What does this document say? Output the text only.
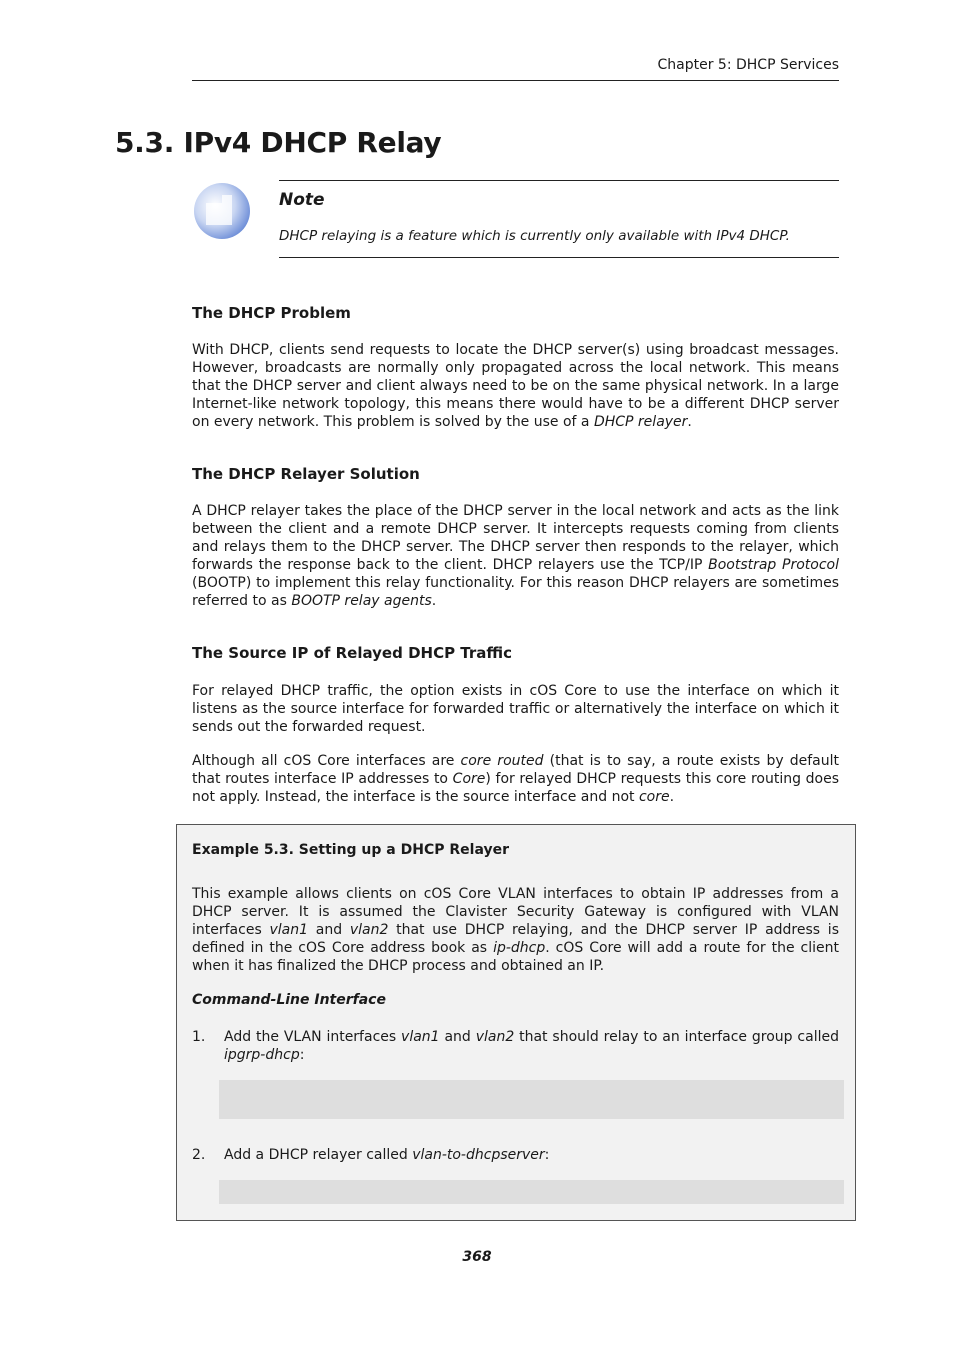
Chapter 5: DHCP Services
5.3. IPv4 DHCP Relay
Note
DHCP relaying is a feature which is currently only available with IPv4 DHCP.
The DHCP Problem

With DHCP, clients send requests to locate the DHCP server(s) using broadcast messages. However, broadcasts are normally only propagated across the local network. This means that the DHCP server and client always need to be on the same physical network. In a large Internet-like network topology, this means there would have to be a different DHCP server on every network. This problem is solved by the use of a DHCP relayer.

The DHCP Relayer Solution

A DHCP relayer takes the place of the DHCP server in the local network and acts as the link between the client and a remote DHCP server. It intercepts requests coming from clients and relays them to the DHCP server. The DHCP server then responds to the relayer, which forwards the response back to the client. DHCP relayers use the TCP/IP Bootstrap Protocol (BOOTP) to implement this relay functionality. For this reason DHCP relayers are sometimes referred to as BOOTP relay agents.

The Source IP of Relayed DHCP Traffic

For relayed DHCP traffic, the option exists in cOS Core to use the interface on which it listens as the source interface for forwarded traffic or alternatively the interface on which it sends out the forwarded request.

Although all cOS Core interfaces are core routed (that is to say, a route exists by default that routes interface IP addresses to Core) for relayed DHCP requests this core routing does not apply. Instead, the interface is the source interface and not core.

Example 5.3. Setting up a DHCP Relayer

This example allows clients on cOS Core VLAN interfaces to obtain IP addresses from a DHCP server. It is assumed the Clavister Security Gateway is configured with VLAN interfaces vlan1 and vlan2 that use DHCP relaying, and the DHCP server IP address is defined in the cOS Core address book as ip-dhcp. cOS Core will add a route for the client when it has finalized the DHCP process and obtained an IP.

Command-Line Interface
1. Add the VLAN interfaces vlan1 and vlan2 that should relay to an interface group called ipgrp-dhcp:

2. Add a DHCP relayer called vlan-to-dhcpserver:

368
